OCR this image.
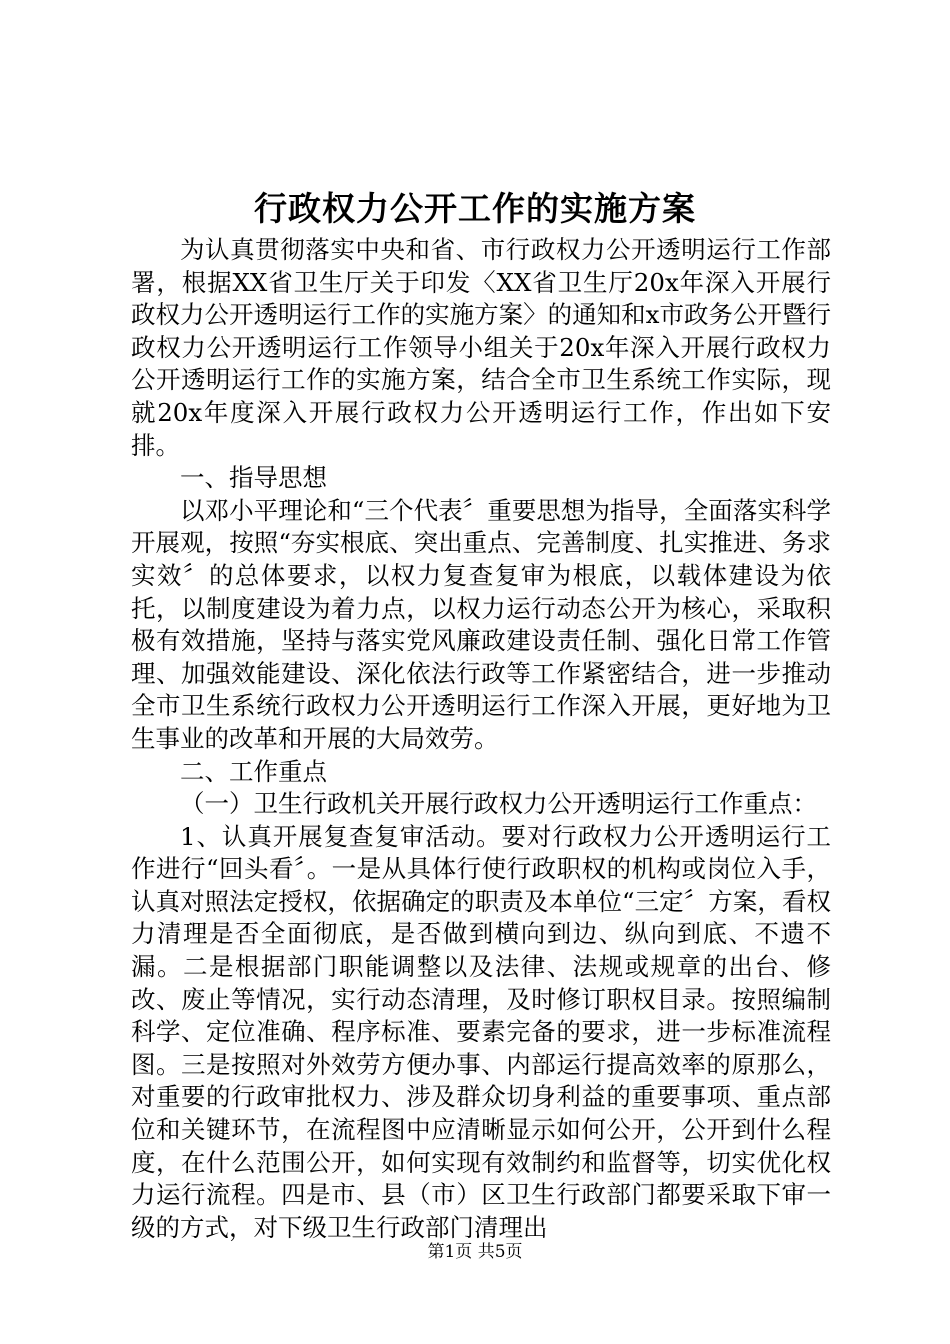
行政权力公开工作的实施方案

为认真贯彻落实中央和省、市行政权力公开透明运行工作部署，根据XX省卫生厅关于印发〈XX省卫生厅20x年深入开展行政权力公开透明运行工作的实施方案〉的通知和x市政务公开暨行政权力公开透明运行工作领导小组关于20x年深入开展行政权力公开透明运行工作的实施方案，结合全市卫生系统工作实际，现就20x年度深入开展行政权力公开透明运行工作，作出如下安排。

一、指导思想

以邓小平理论和“三个代表〞重要思想为指导，全面落实科学开展观，按照“夯实根底、突出重点、完善制度、扎实推进、务求实效〞的总体要求，以权力复查复审为根底，以载体建设为依托，以制度建设为着力点，以权力运行动态公开为核心，采取积极有效措施，坚持与落实党风廉政建设责任制、强化日常工作管理、加强效能建设、深化依法行政等工作紧密结合，进一步推动全市卫生系统行政权力公开透明运行工作深入开展，更好地为卫生事业的改革和开展的大局效劳。

二、工作重点

（一）卫生行政机关开展行政权力公开透明运行工作重点：

1、认真开展复查复审活动。要对行政权力公开透明运行工作进行“回头看〞。一是从具体行使行政职权的机构或岗位入手，认真对照法定授权，依据确定的职责及本单位“三定〞方案，看权力清理是否全面彻底，是否做到横向到边、纵向到底、不遗不漏。二是根据部门职能调整以及法律、法规或规章的出台、修改、废止等情况，实行动态清理，及时修订职权目录。按照编制科学、定位准确、程序标准、要素完备的要求，进一步标准流程图。三是按照对外效劳方便办事、内部运行提高效率的原那么，对重要的行政审批权力、涉及群众切身利益的重要事项、重点部位和关键环节，在流程图中应清晰显示如何公开，公开到什么程度，在什么范围公开，如何实现有效制约和监督等，切实优化权力运行流程。四是市、县（市）区卫生行政部门都要采取下审一级的方式，对下级卫生行政部门清理出

第1页 共5页
